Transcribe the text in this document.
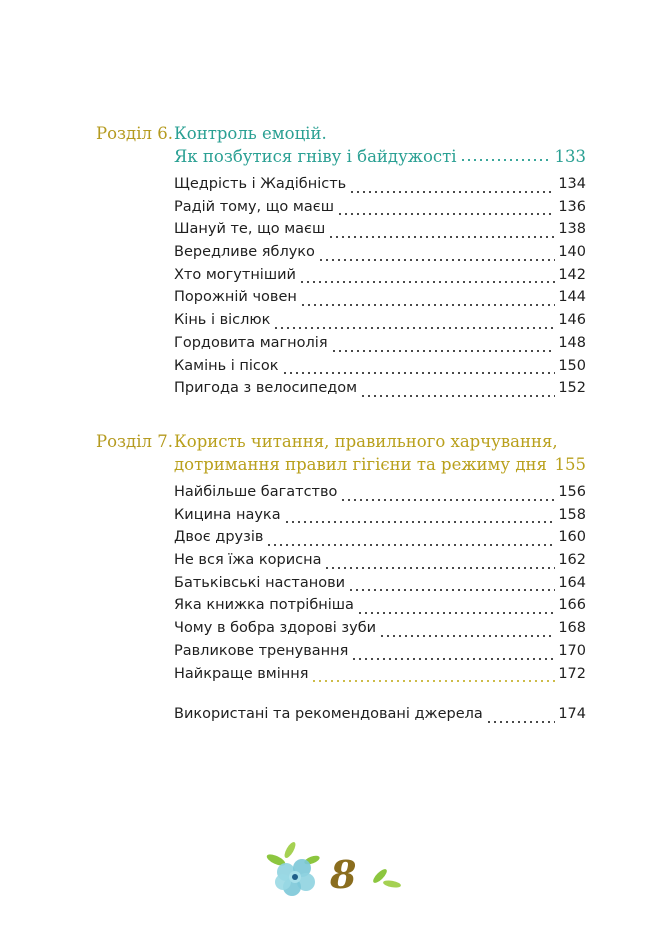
Розділ 6. Контроль емоцій.
Як позбутися гніву і байдужості	133
Щедрість і Жадібність	134
Радій тому, що маєш	136
Шануй те, що маєш	138
Вередливе яблуко	140
Хто могутніший	142
Порожній човен	144
Кінь і віслюк	146
Гордовита магнолія	148
Камінь і пісок	150
Пригода з велосипедом	152
Розділ 7. Користь читання, правильного харчування,
дотримання правил гігієни та режиму дня 155
Найбільше багатство	156
Кицина наука	158
Двоє друзів	160
Не вся їжа корисна	162
Батьківські настанови	164
Яка книжка потрібніша	166
Чому в бобра здорові зуби	168
Равликове тренування	170
Найкраще вміння	172
Використані та рекомендовані джерела	174
8
